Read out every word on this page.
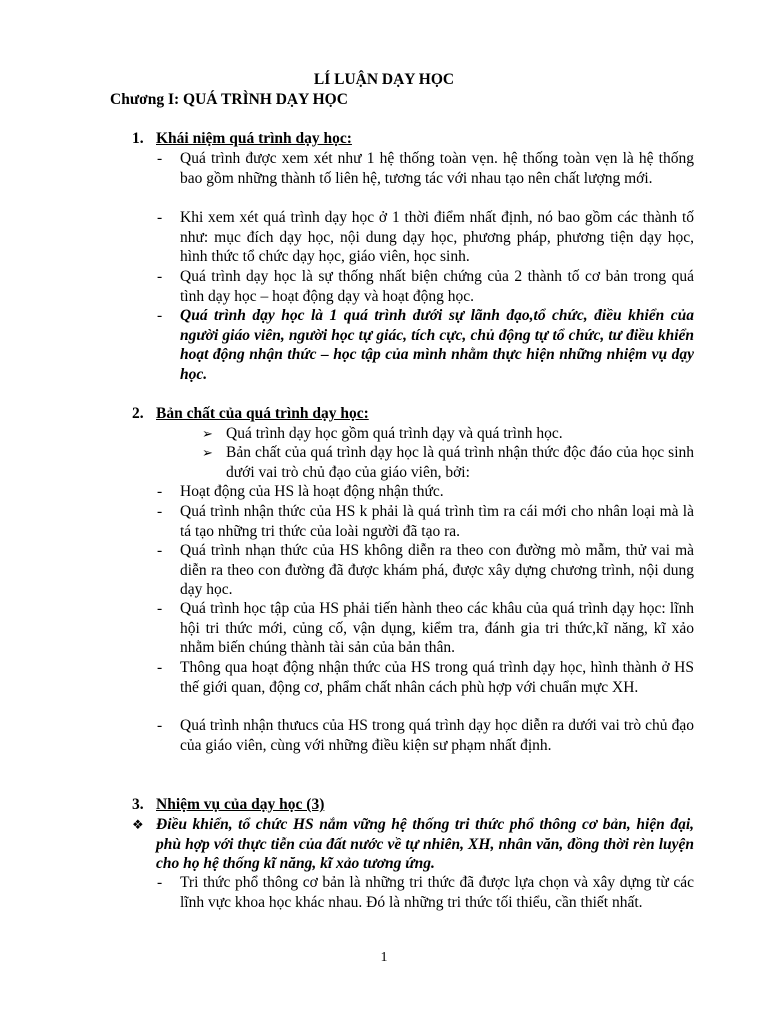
LÍ LUẬN DẠY HỌC
Chương I: QUÁ TRÌNH DẠY HỌC
1. Khái niệm quá trình dạy học:
- Quá trình được xem xét như 1 hệ thống toàn vẹn. hệ thống toàn vẹn là hệ thống bao gồm những thành tố liên hệ, tương tác với nhau tạo nên chất lượng mới.
- Khi xem xét quá trình dạy học ở 1 thời điểm nhất định, nó bao gồm các thành tố như: mục đích dạy học, nội dung dạy học, phương pháp, phương tiện dạy học, hình thức tổ chức dạy học, giáo viên, học sinh.
- Quá trình dạy học là sự thống nhất biện chứng của 2 thành tố cơ bản trong quá tình dạy học – hoạt động dạy và hoạt động học.
- Quá trình dạy học là 1 quá trình dưới sự lãnh đạo,tổ chức, điều khiển của người giáo viên, người học tự giác, tích cực, chủ động tự tổ chức, tư điều khiển hoạt động nhận thức – học tập của mình nhằm thực hiện những nhiệm vụ dạy học.
2. Bản chất của quá trình dạy học:
➢ Quá trình dạy học gồm quá trình dạy và quá trình học.
➢ Bản chất của quá trình dạy học là quá trình nhận thức độc đáo của học sinh dưới vai trò chủ đạo của giáo viên, bởi:
- Hoạt động của HS là hoạt động nhận thức.
- Quá trình nhận thức của HS k phải là quá trình tìm ra cái mới cho nhân loại mà là tá tạo những tri thức của loài người đã tạo ra.
- Quá trình nhạn thức của HS không diễn ra theo con đường mò mẫm, thử vai mà diễn ra theo con đường đã được khám phá, được xây dựng chương trình, nội dung dạy học.
- Quá trình học tập của HS phải tiến hành theo các khâu của quá trình dạy học: lĩnh hội tri thức mới, củng cố, vận dụng, kiểm tra, đánh gia tri thức,kĩ năng, kĩ xảo nhằm biến chúng thành tài sản của bản thân.
- Thông qua hoạt động nhận thức của HS trong quá trình dạy học, hình thành ở HS thế giới quan, động cơ, phẩm chất nhân cách phù hợp với chuẩn mực XH.
- Quá trình nhận thưucs của HS trong quá trình dạy học diễn ra dưới vai trò chủ đạo của giáo viên, cùng với những điều kiện sư phạm nhất định.
3. Nhiệm vụ của dạy học (3)
❖ Điều khiển, tổ chức HS nắm vững hệ thống tri thức phổ thông cơ bản, hiện đại, phù hợp với thực tiễn của đất nước về tự nhiên, XH, nhân văn, đồng thời rèn luyện cho họ hệ thống kĩ năng, kĩ xảo tương ứng.
- Tri thức phổ thông cơ bản là những tri thức đã được lựa chọn và xây dựng từ các lĩnh vực khoa học khác nhau. Đó là những tri thức tối thiểu, cần thiết nhất.
1
